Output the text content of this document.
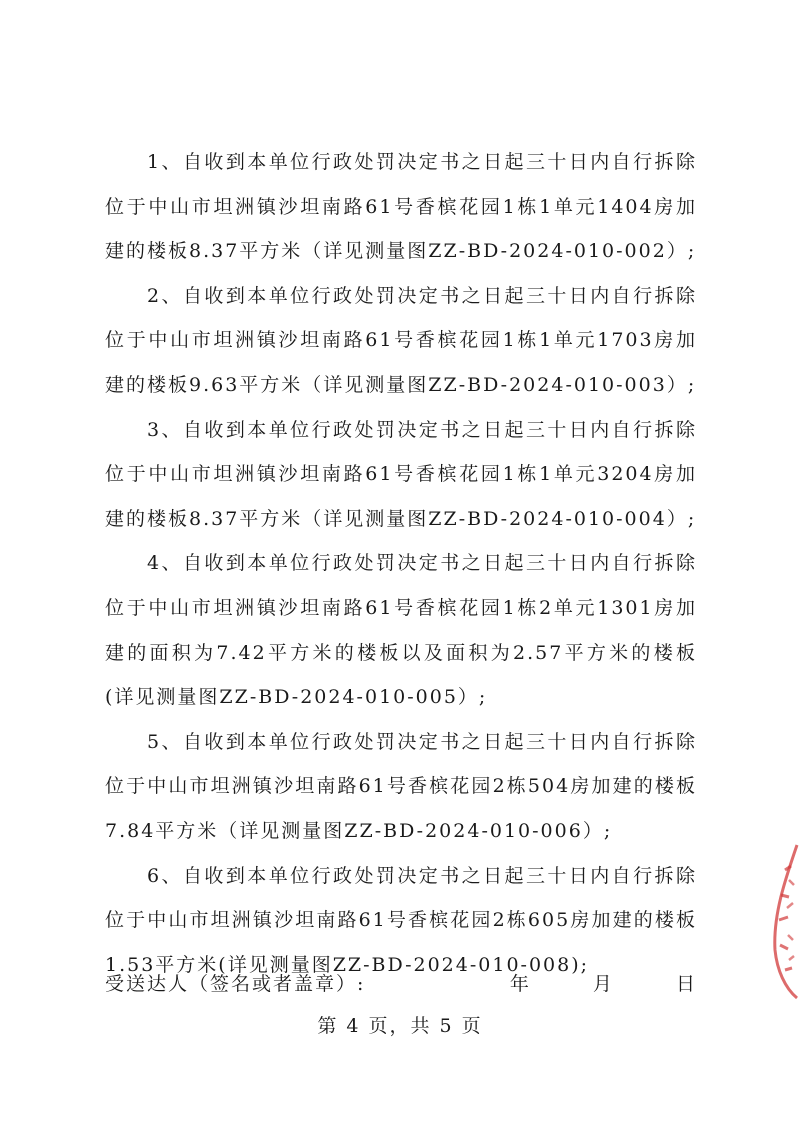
1、自收到本单位行政处罚决定书之日起三十日内自行拆除位于中山市坦洲镇沙坦南路61号香槟花园1栋1单元1404房加建的楼板8.37平方米（详见测量图ZZ-BD-2024-010-002）;

2、自收到本单位行政处罚决定书之日起三十日内自行拆除位于中山市坦洲镇沙坦南路61号香槟花园1栋1单元1703房加建的楼板9.63平方米（详见测量图ZZ-BD-2024-010-003）;

3、自收到本单位行政处罚决定书之日起三十日内自行拆除位于中山市坦洲镇沙坦南路61号香槟花园1栋1单元3204房加建的楼板8.37平方米（详见测量图ZZ-BD-2024-010-004）;

4、自收到本单位行政处罚决定书之日起三十日内自行拆除位于中山市坦洲镇沙坦南路61号香槟花园1栋2单元1301房加建的面积为7.42平方米的楼板以及面积为2.57平方米的楼板(详见测量图ZZ-BD-2024-010-005）;

5、自收到本单位行政处罚决定书之日起三十日内自行拆除位于中山市坦洲镇沙坦南路61号香槟花园2栋504房加建的楼板7.84平方米（详见测量图ZZ-BD-2024-010-006）;

6、自收到本单位行政处罚决定书之日起三十日内自行拆除位于中山市坦洲镇沙坦南路61号香槟花园2栋605房加建的楼板1.53平方米(详见测量图ZZ-BD-2024-010-008);

受送达人（签名或者盖章）:	年	月	日
第 4 页，共 5 页
